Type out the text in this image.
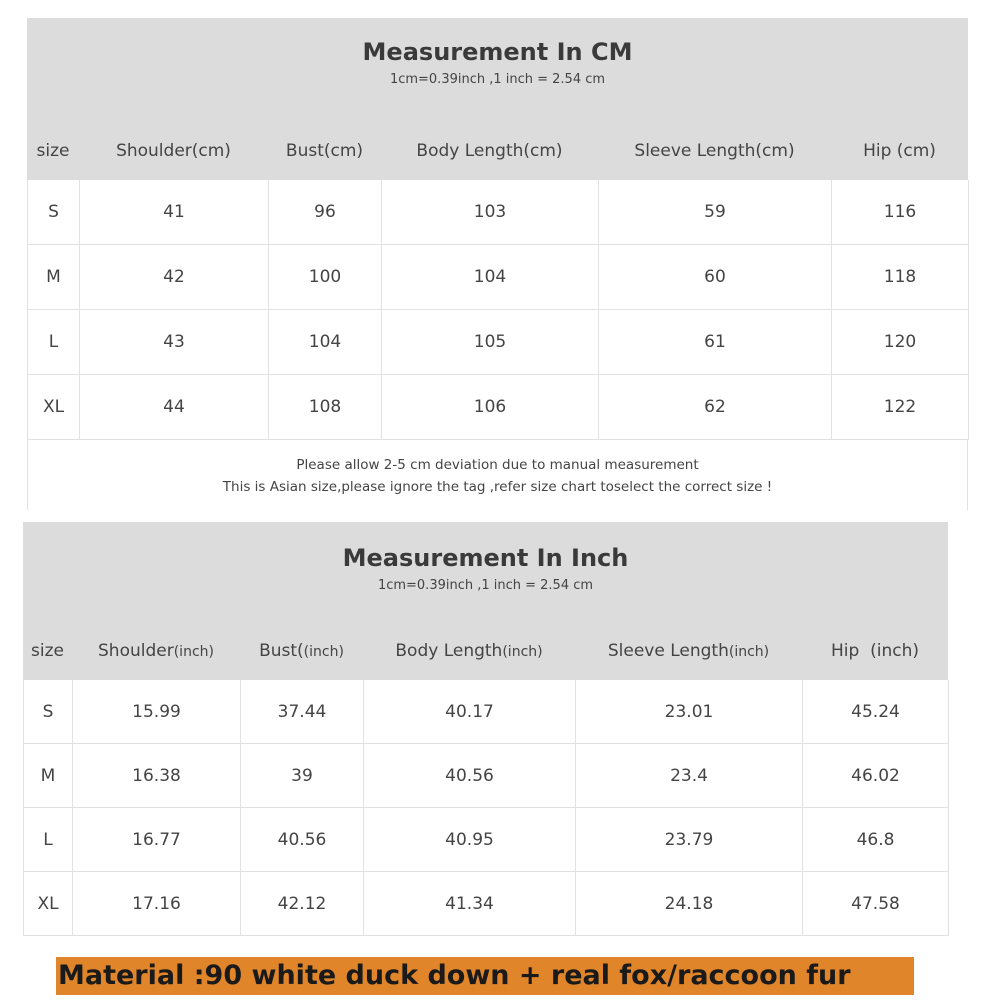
Measurement In CM
1cm=0.39inch ,1 inch = 2.54 cm
size	Shoulder(cm)	Bust(cm)	Body Length(cm)	Sleeve Length(cm)	Hip (cm)
S	41	96	103	59	116
M	42	100	104	60	118
L	43	104	105	61	120
XL	44	108	106	62	122
Please allow 2-5 cm deviation due to manual measurement
This is Asian size,please ignore the tag ,refer size chart toselect the correct size !
Measurement In Inch
1cm=0.39inch ,1 inch = 2.54 cm
size	Shoulder(inch)	Bust((inch)	Body Length(inch)	Sleeve Length(inch)	Hip  (inch)
S	15.99	37.44	40.17	23.01	45.24
M	16.38	39	40.56	23.4	46.02
L	16.77	40.56	40.95	23.79	46.8
XL	17.16	42.12	41.34	24.18	47.58
Material :90 white duck down + real fox/raccoon fur
